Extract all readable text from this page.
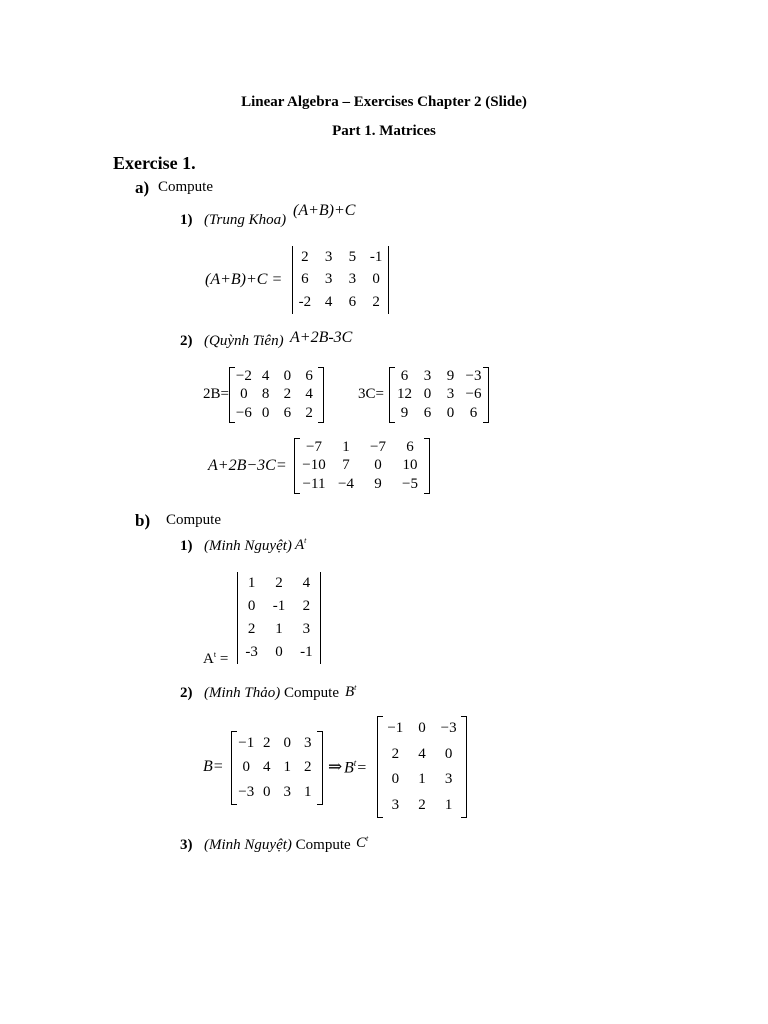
Linear Algebra – Exercises Chapter 2 (Slide)
Part 1. Matrices
Exercise 1.
a) Compute
1) (Trung Khoa)
(A+B)+C
(A+B)+C =
2 3 5 -1
6 3 3 0
-2 4 6 2
2) (Quỳnh Tiên) A+2B-3C
2B=
−2 4 0 6
0 8 2 4
−6 0 6 2
3C=
6 3 9 −3
12 0 3 −6
9 6 0 6
A+2B−3C=
−7 1 −7 6
−10 7 0 10
−11 −4 9 −5
b) Compute
1) (Minh Nguyệt) $A^t$
$A^t$ =
1 2 4
0 -1 2
2 1 3
-3 0 -1
2) (Minh Thảo) Compute $B^t$
B=
−1 2 0 3
0 4 1 2
−3 0 3 1
⇒ $B^t=$
−1 0 −3
2 4 0
0 1 3
3 2 1
3) (Minh Nguyệt) Compute $C^t$
